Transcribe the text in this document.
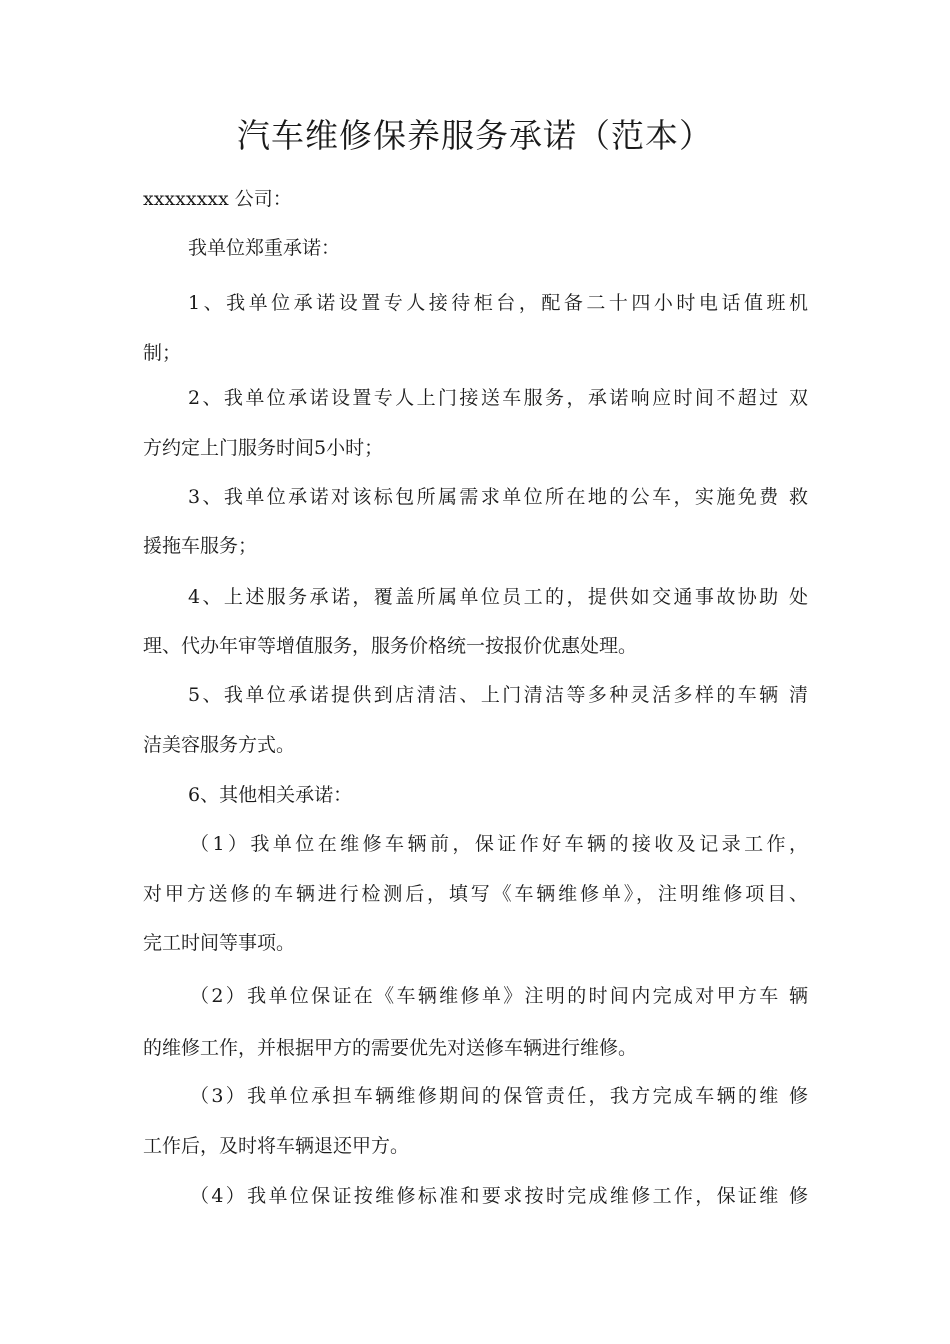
汽车维修保养服务承诺（范本）

xxxxxxxx 公司：

我单位郑重承诺：

1、我单位承诺设置专人接待柜台，配备二十四小时电话值班机

制；

2、我单位承诺设置专人上门接送车服务，承诺响应时间不超过 双

方约定上门服务时间5小时；

3、我单位承诺对该标包所属需求单位所在地的公车，实施免费 救

援拖车服务；

4、上述服务承诺，覆盖所属单位员工的，提供如交通事故协助 处

理、代办年审等增值服务，服务价格统一按报价优惠处理。

5、我单位承诺提供到店清洁、上门清洁等多种灵活多样的车辆 清

洁美容服务方式。

6、其他相关承诺：

（1）我单位在维修车辆前，保证作好车辆的接收及记录工作，

对甲方送修的车辆进行检测后，填写《车辆维修单》，注明维修项目、

完工时间等事项。

（2）我单位保证在《车辆维修单》注明的时间内完成对甲方车 辆

的维修工作，并根据甲方的需要优先对送修车辆进行维修。

（3）我单位承担车辆维修期间的保管责任，我方完成车辆的维 修

工作后，及时将车辆退还甲方。

（4）我单位保证按维修标准和要求按时完成维修工作，保证维 修
